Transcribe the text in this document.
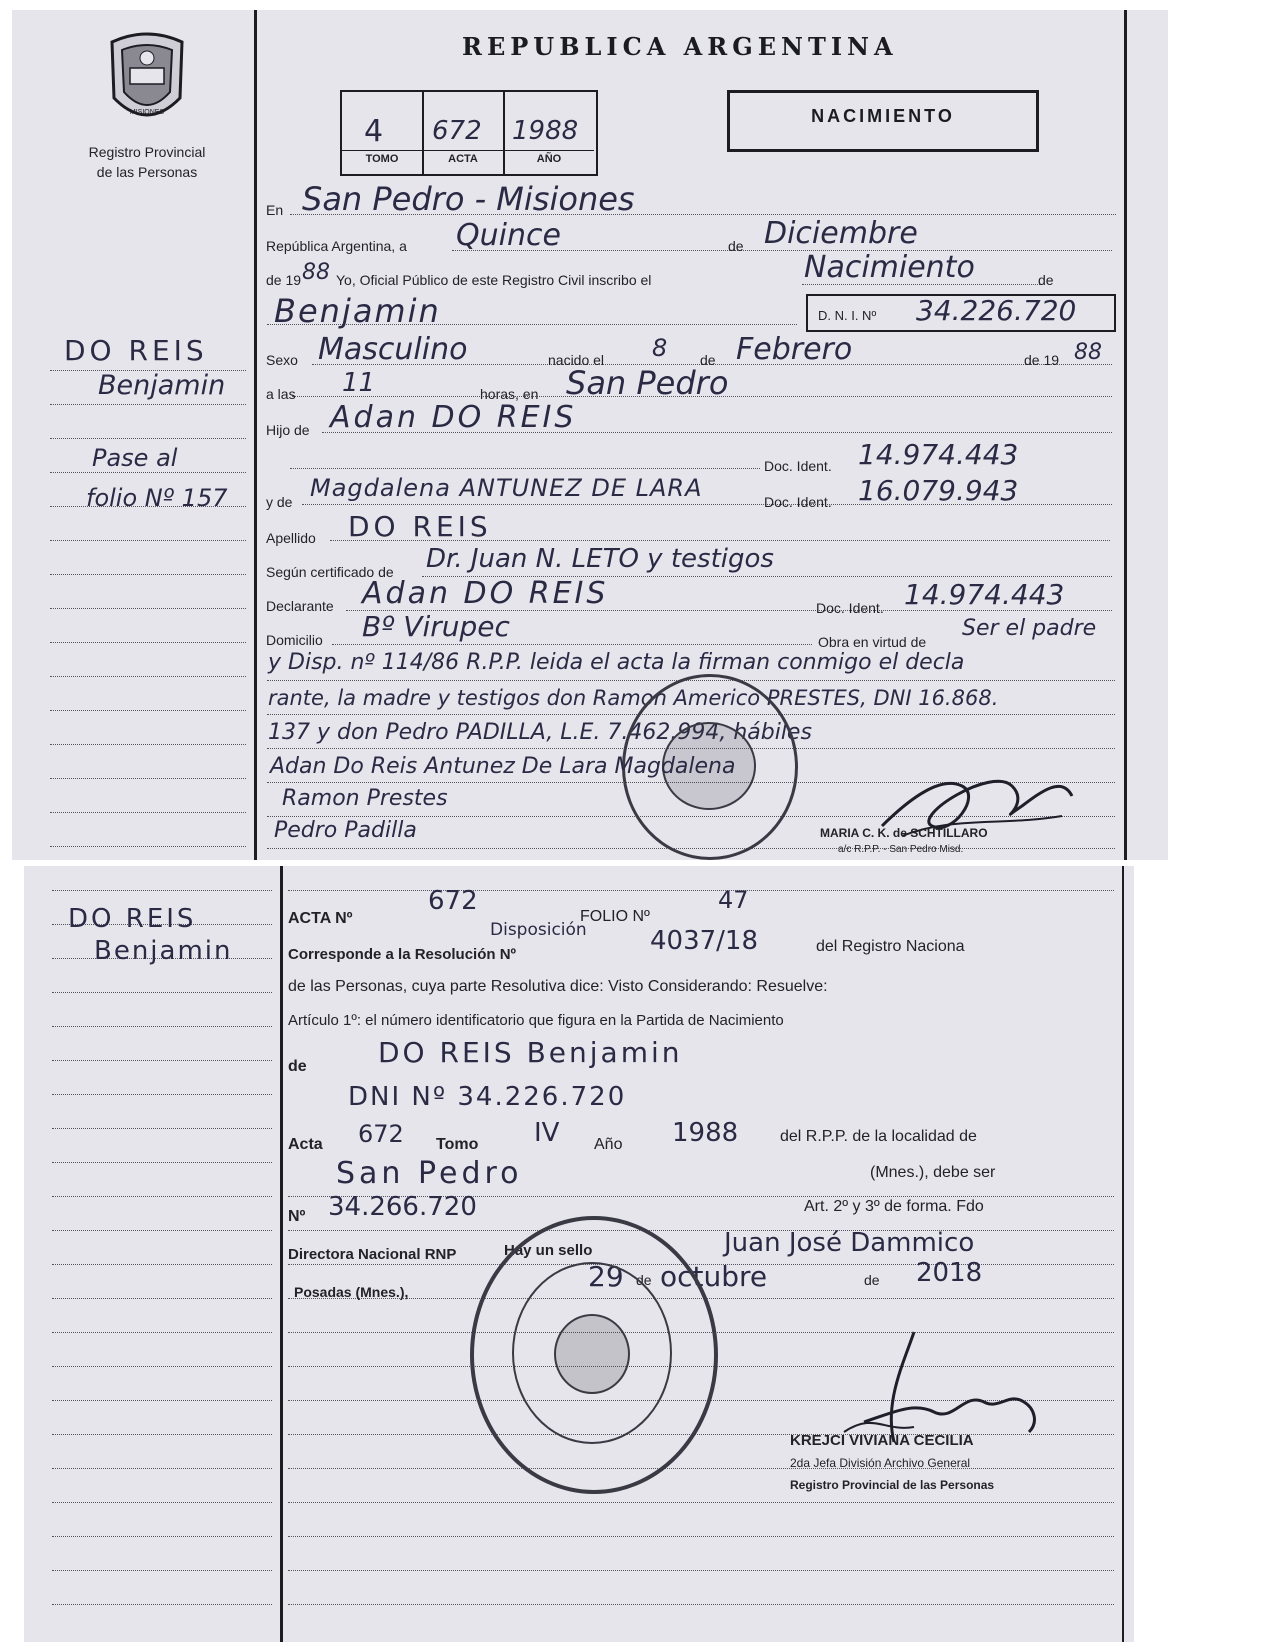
MISIONES
Registro Provincial
de las Personas
DO REIS
Benjamin
Pase al
folio Nº 157
REPUBLICA ARGENTINA
4 672 1988
TOMO	ACTA	AÑO
NACIMIENTO
En San Pedro - Misiones
República Argentina, a Quince	de Diciembre
de 19 88 Yo, Oficial Público de este Registro Civil inscribo el	Nacimiento	de
Benjamin	D. N. I. Nº 34.226.720
Sexo Masculino	nacido el 8 de Febrero	de 19 88
a las 11	horas, en San Pedro
Hijo de Adan DO REIS
Doc. Ident. 14.974.443
y de Magdalena ANTUNEZ DE LARA	Doc. Ident. 16.079.943
Apellido DO REIS
Según certificado de Dr. Juan N. LETO y testigos
Declarante Adan DO REIS	Doc. Ident. 14.974.443
Domicilio Bº Virupec	Obra en virtud de
Ser el padre
y Disp. nº 114/86 R.P.P. leida el acta la firman conmigo el decla
rante, la madre y testigos don Ramon Americo PRESTES, DNI 16.868.
137 y don Pedro PADILLA, L.E. 7.462.994, hábiles
Adan Do Reis Antunez De Lara Magdalena
Ramon Prestes
Pedro Padilla	MARIA C. K. de SCHTILLARO
a/c R.P.P. - San Pedro Misd.
DO REIS
Benjamin
ACTA Nº
672
FOLIO Nº
47
Disposición
Corresponde a la Resolución Nº	4037/18	del Registro Naciona
de las Personas, cuya parte Resolutiva dice: Visto Considerando: Resuelve:
Artículo 1º: el número identificatorio que figura en la Partida de Nacimiento
de	DO REIS Benjamin
DNI Nº 34.226.720
Acta 672 Tomo IV Año 1988	del R.P.P. de la localidad de
San Pedro	(Mnes.), debe ser
Nº 34.266.720	Art. 2º y 3º de forma. Fdo
Directora Nacional RNP	Hay un sello	Juan José Dammico
Posadas (Mnes.),	29 de octubre	de 2018
KREJCI VIVIANA CECILIA
2da Jefa División Archivo General
Registro Provincial de las Personas
